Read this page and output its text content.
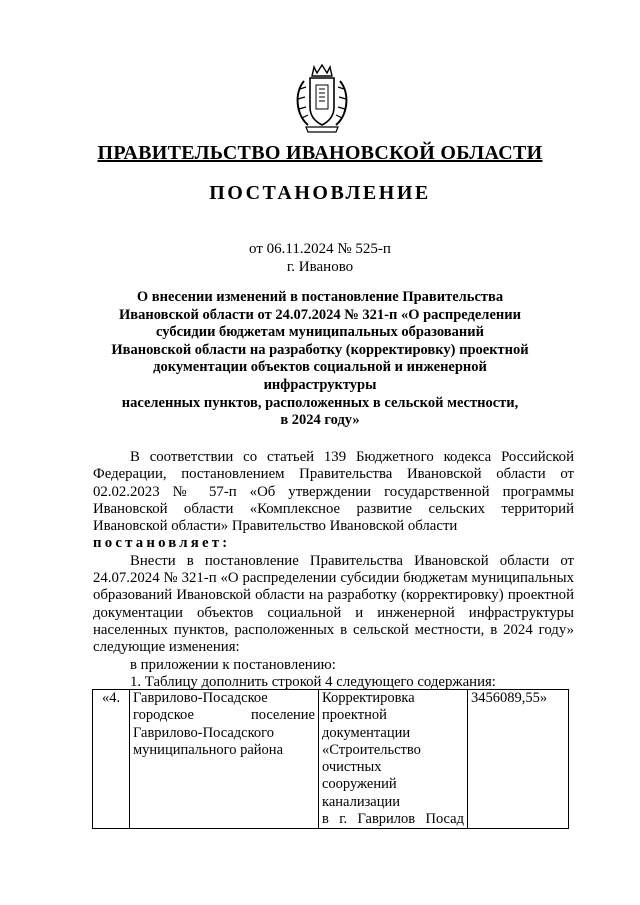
ПРАВИТЕЛЬСТВО ИВАНОВСКОЙ ОБЛАСТИ
ПОСТАНОВЛЕНИЕ
от 06.11.2024 № 525-п
г. Иваново
О внесении изменений в постановление Правительства
Ивановской области от 24.07.2024 № 321-п «О распределении
субсидии бюджетам муниципальных образований
Ивановской области на разработку (корректировку) проектной
документации объектов социальной и инженерной инфраструктуры
населенных пунктов, расположенных в сельской местности,
в 2024 году»

В соответствии со статьей 139 Бюджетного кодекса Российской Федерации, постановлением Правительства Ивановской области от 02.02.2023 № 57-п «Об утверждении государственной программы Ивановской области «Комплексное развитие сельских территорий Ивановской области» Правительство Ивановской области

постановляет:

Внести в постановление Правительства Ивановской области от 24.07.2024 № 321-п «О распределении субсидии бюджетам муниципальных образований Ивановской области на разработку (корректировку) проектной документации объектов социальной и инженерной инфраструктуры населенных пунктов, расположенных в сельской местности, в 2024 году» следующие изменения:

в приложении к постановлению:

1. Таблицу дополнить строкой 4 следующего содержания:

«4.	Гаврилово-Посадское
городское поселение
Гаврилово-Посадского
муниципального района

Корректировка
проектной
документации
«Строительство
очистных
сооружений
канализации
в г. Гаврилов Посад
	3456089,55»
